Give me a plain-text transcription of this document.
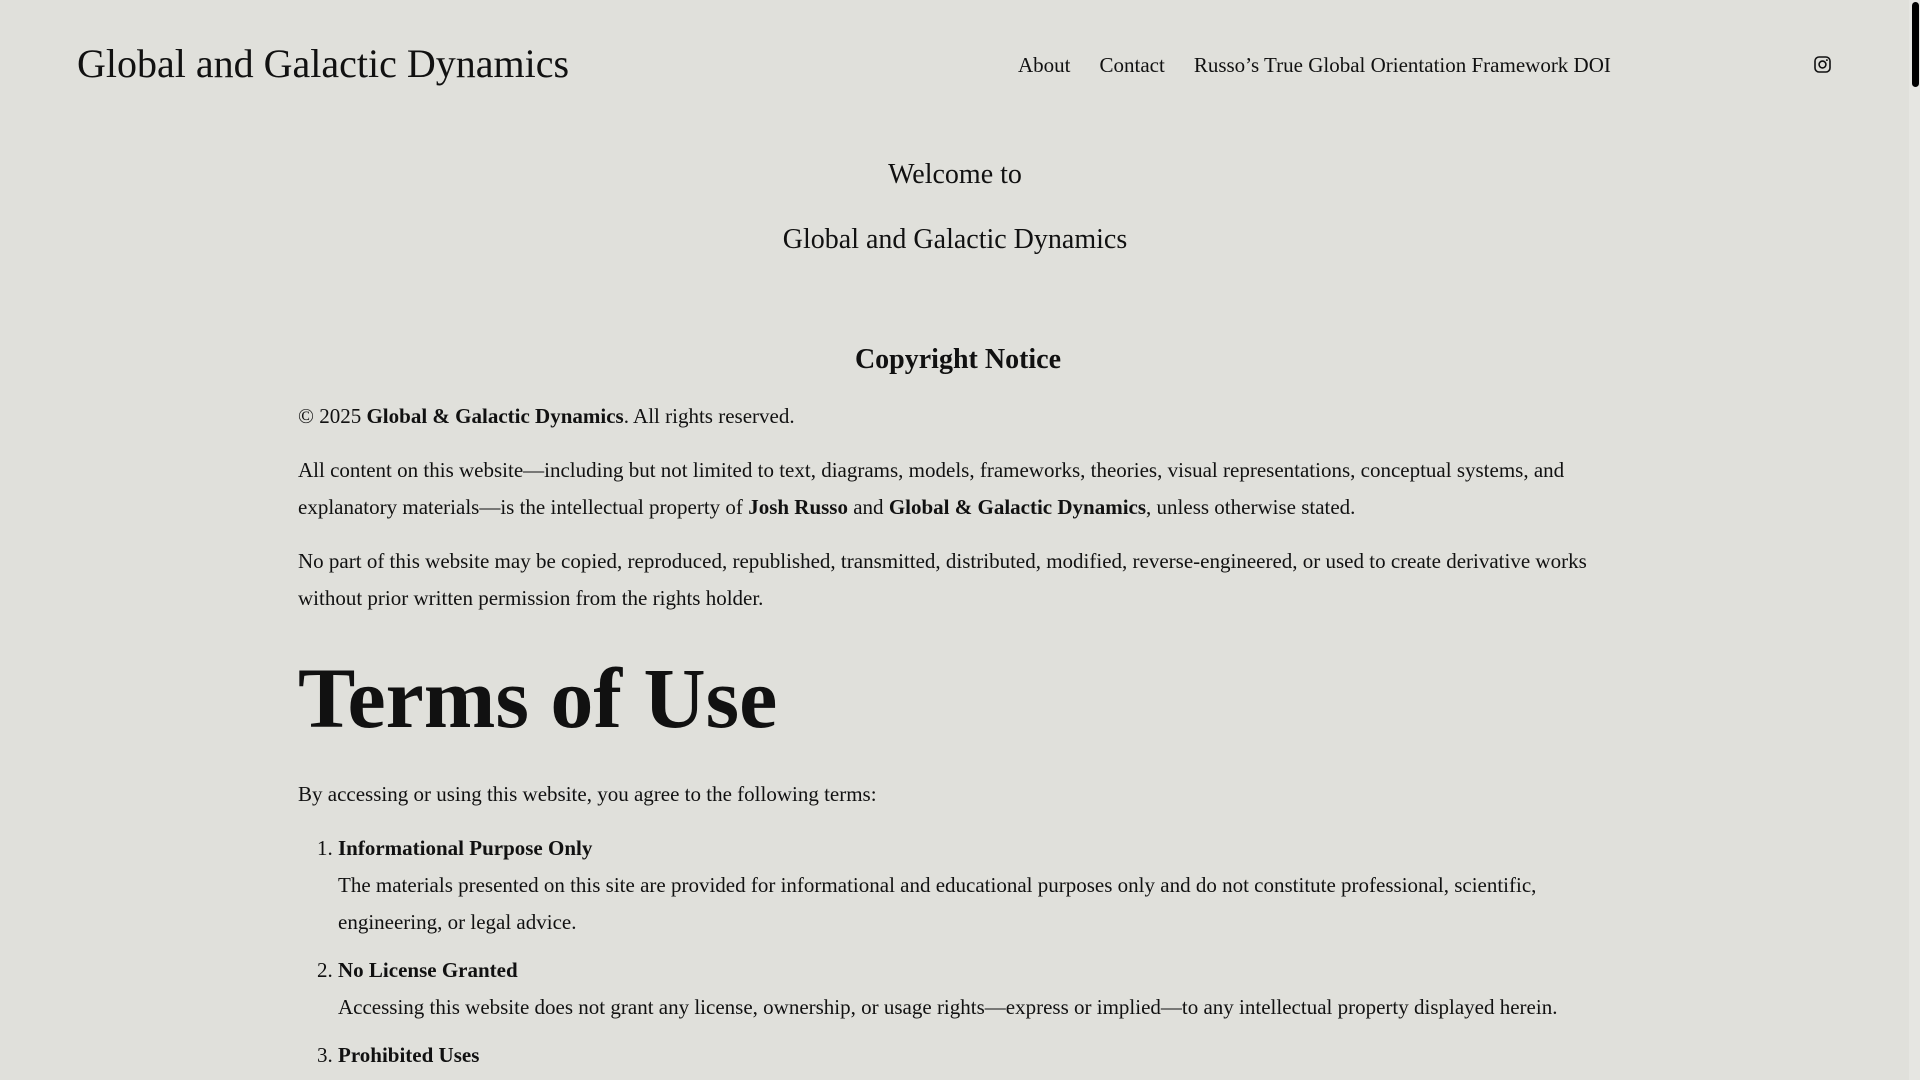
Global and Galactic Dynamics	About Contact Russo’s True Global Orientation Framework DOI
Welcome to
Global and Galactic Dynamics
Copyright Notice

© 2025 Global & Galactic Dynamics. All rights reserved.

All content on this website—including but not limited to text, diagrams, models, frameworks, theories, visual representations, conceptual systems, and explanatory materials—is the intellectual property of Josh Russo and Global & Galactic Dynamics, unless otherwise stated.

No part of this website may be copied, reproduced, republished, transmitted, distributed, modified, reverse-engineered, or used to create derivative works without prior written permission from the rights holder.

Terms of Use

By accessing or using this website, you agree to the following terms:

1. Informational Purpose Only
The materials presented on this site are provided for informational and educational purposes only and do not constitute professional, scientific, engineering, or legal advice.
2. No License Granted
Accessing this website does not grant any license, ownership, or usage rights—express or implied—to any intellectual property displayed herein.
3. Prohibited Uses
